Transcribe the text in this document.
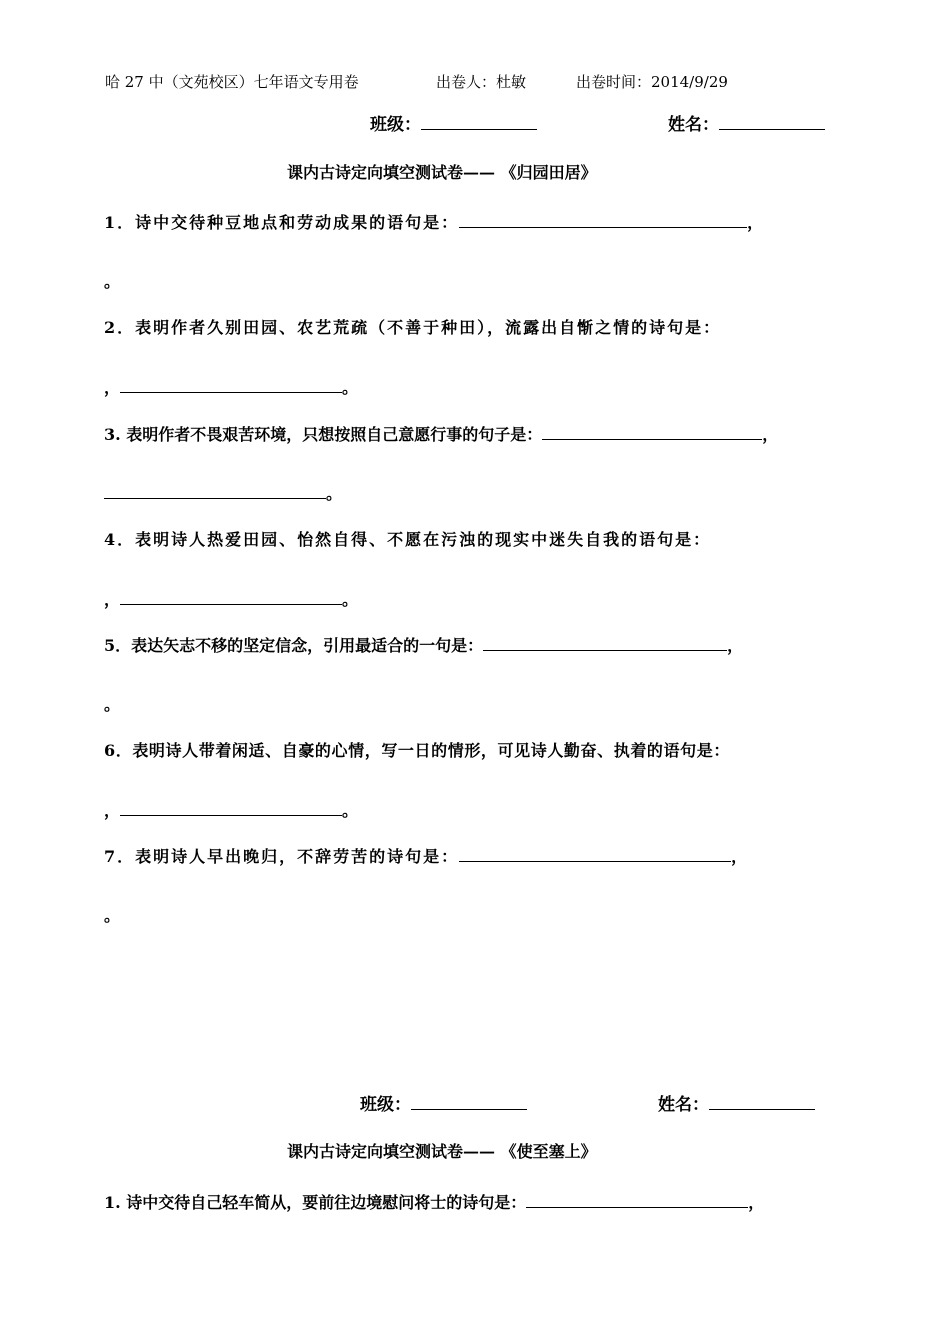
哈 27 中（文苑校区）七年语文专用卷	出卷人：杜敏	出卷时间：2014/9/29
班级：	姓名：
课内古诗定向填空测试卷—— 《归园田居》
1．诗中交待种豆地点和劳动成果的语句是：	，
。
2．表明作者久别田园、农艺荒疏（不善于种田），流露出自惭之情的诗句是：
，	。
3. 表明作者不畏艰苦环境，只想按照自己意愿行事的句子是：	，
。
4．表明诗人热爱田园、怡然自得、不愿在污浊的现实中迷失自我的语句是：
，	。
5．表达矢志不移的坚定信念，引用最适合的一句是：	，
。
6．表明诗人带着闲适、自豪的心情，写一日的情形，可见诗人勤奋、执着的语句是：
，	。
7．表明诗人早出晚归，不辞劳苦的诗句是：	，
。
班级：	姓名：
课内古诗定向填空测试卷—— 《使至塞上》
1. 诗中交待自己轻车简从，要前往边境慰问将士的诗句是：	，
